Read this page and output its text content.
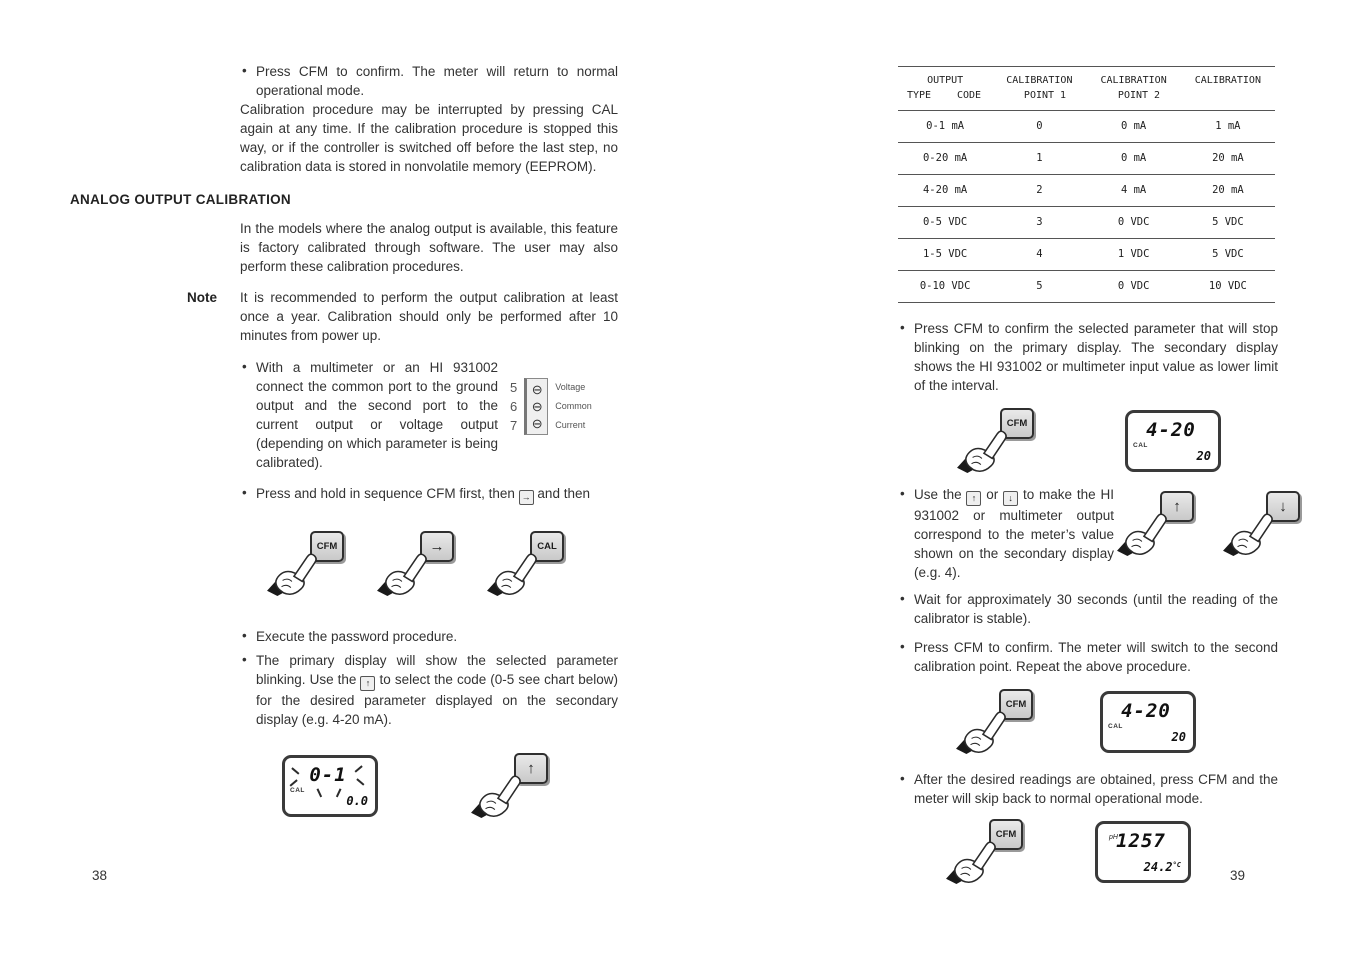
• Press CFM to confirm. The meter will return to normal operational mode.
Calibration procedure may be interrupted by pressing CAL again at any time. If the calibration procedure is stopped this way, or if the controller is switched off before the last step, no calibration data is stored in nonvolatile memory (EEPROM).
ANALOG OUTPUT CALIBRATION
In the models where the analog output is available, this feature is factory calibrated through software. The user may also perform these calibration procedures.
Note It is recommended to perform the output calibration at least once a year. Calibration should only be performed after 10 minutes from power up.
• With a multimeter or an HI 931002 connect the common port to the ground output and the second port to the current output or voltage output (depending on which parameter is being calibrated).
5
6
7
⊖
⊖
⊖
Voltage
Common
Current
• Press and hold in sequence CFM first, then → and then
CFM	→	CAL
• Execute the password procedure.
• The primary display will show the selected parameter blinking. Use the ↑ to select the code (0-5 see chart below) for the desired parameter displayed on the secondary display (e.g. 4-20 mA).
0-1
CAL
0.0
↑
OUTPUT	CALIBRATION	CALIBRATION	CALIBRATION
TYPE	CODE	POINT 1	POINT 2
0-1 mA	0	0 mA	1 mA
0-20 mA	1	0 mA	20 mA
4-20 mA	2	4 mA	20 mA
0-5 VDC	3	0 VDC	5 VDC
1-5 VDC	4	1 VDC	5 VDC
0-10 VDC	5	0 VDC	10 VDC
• Press CFM to confirm the selected parameter that will stop blinking on the primary display. The secondary display shows the HI 931002 or multimeter input value as lower limit of the interval.
CFM	4-20
CAL
20
• Use the ↑ or ↓ to make the HI 931002 or multimeter output correspond to the meter’s value shown on the secondary display (e.g. 4).
↑	↓
• Wait for approximately 30 seconds (until the reading of the calibrator is stable).
• Press CFM to confirm. The meter will switch to the second calibration point. Repeat the above procedure.
CFM	4-20
CAL
20
• After the desired readings are obtained, press CFM and the meter will skip back to normal operational mode.
CFM	pH
1257
$24.2^{^\circ C}$
38	39
